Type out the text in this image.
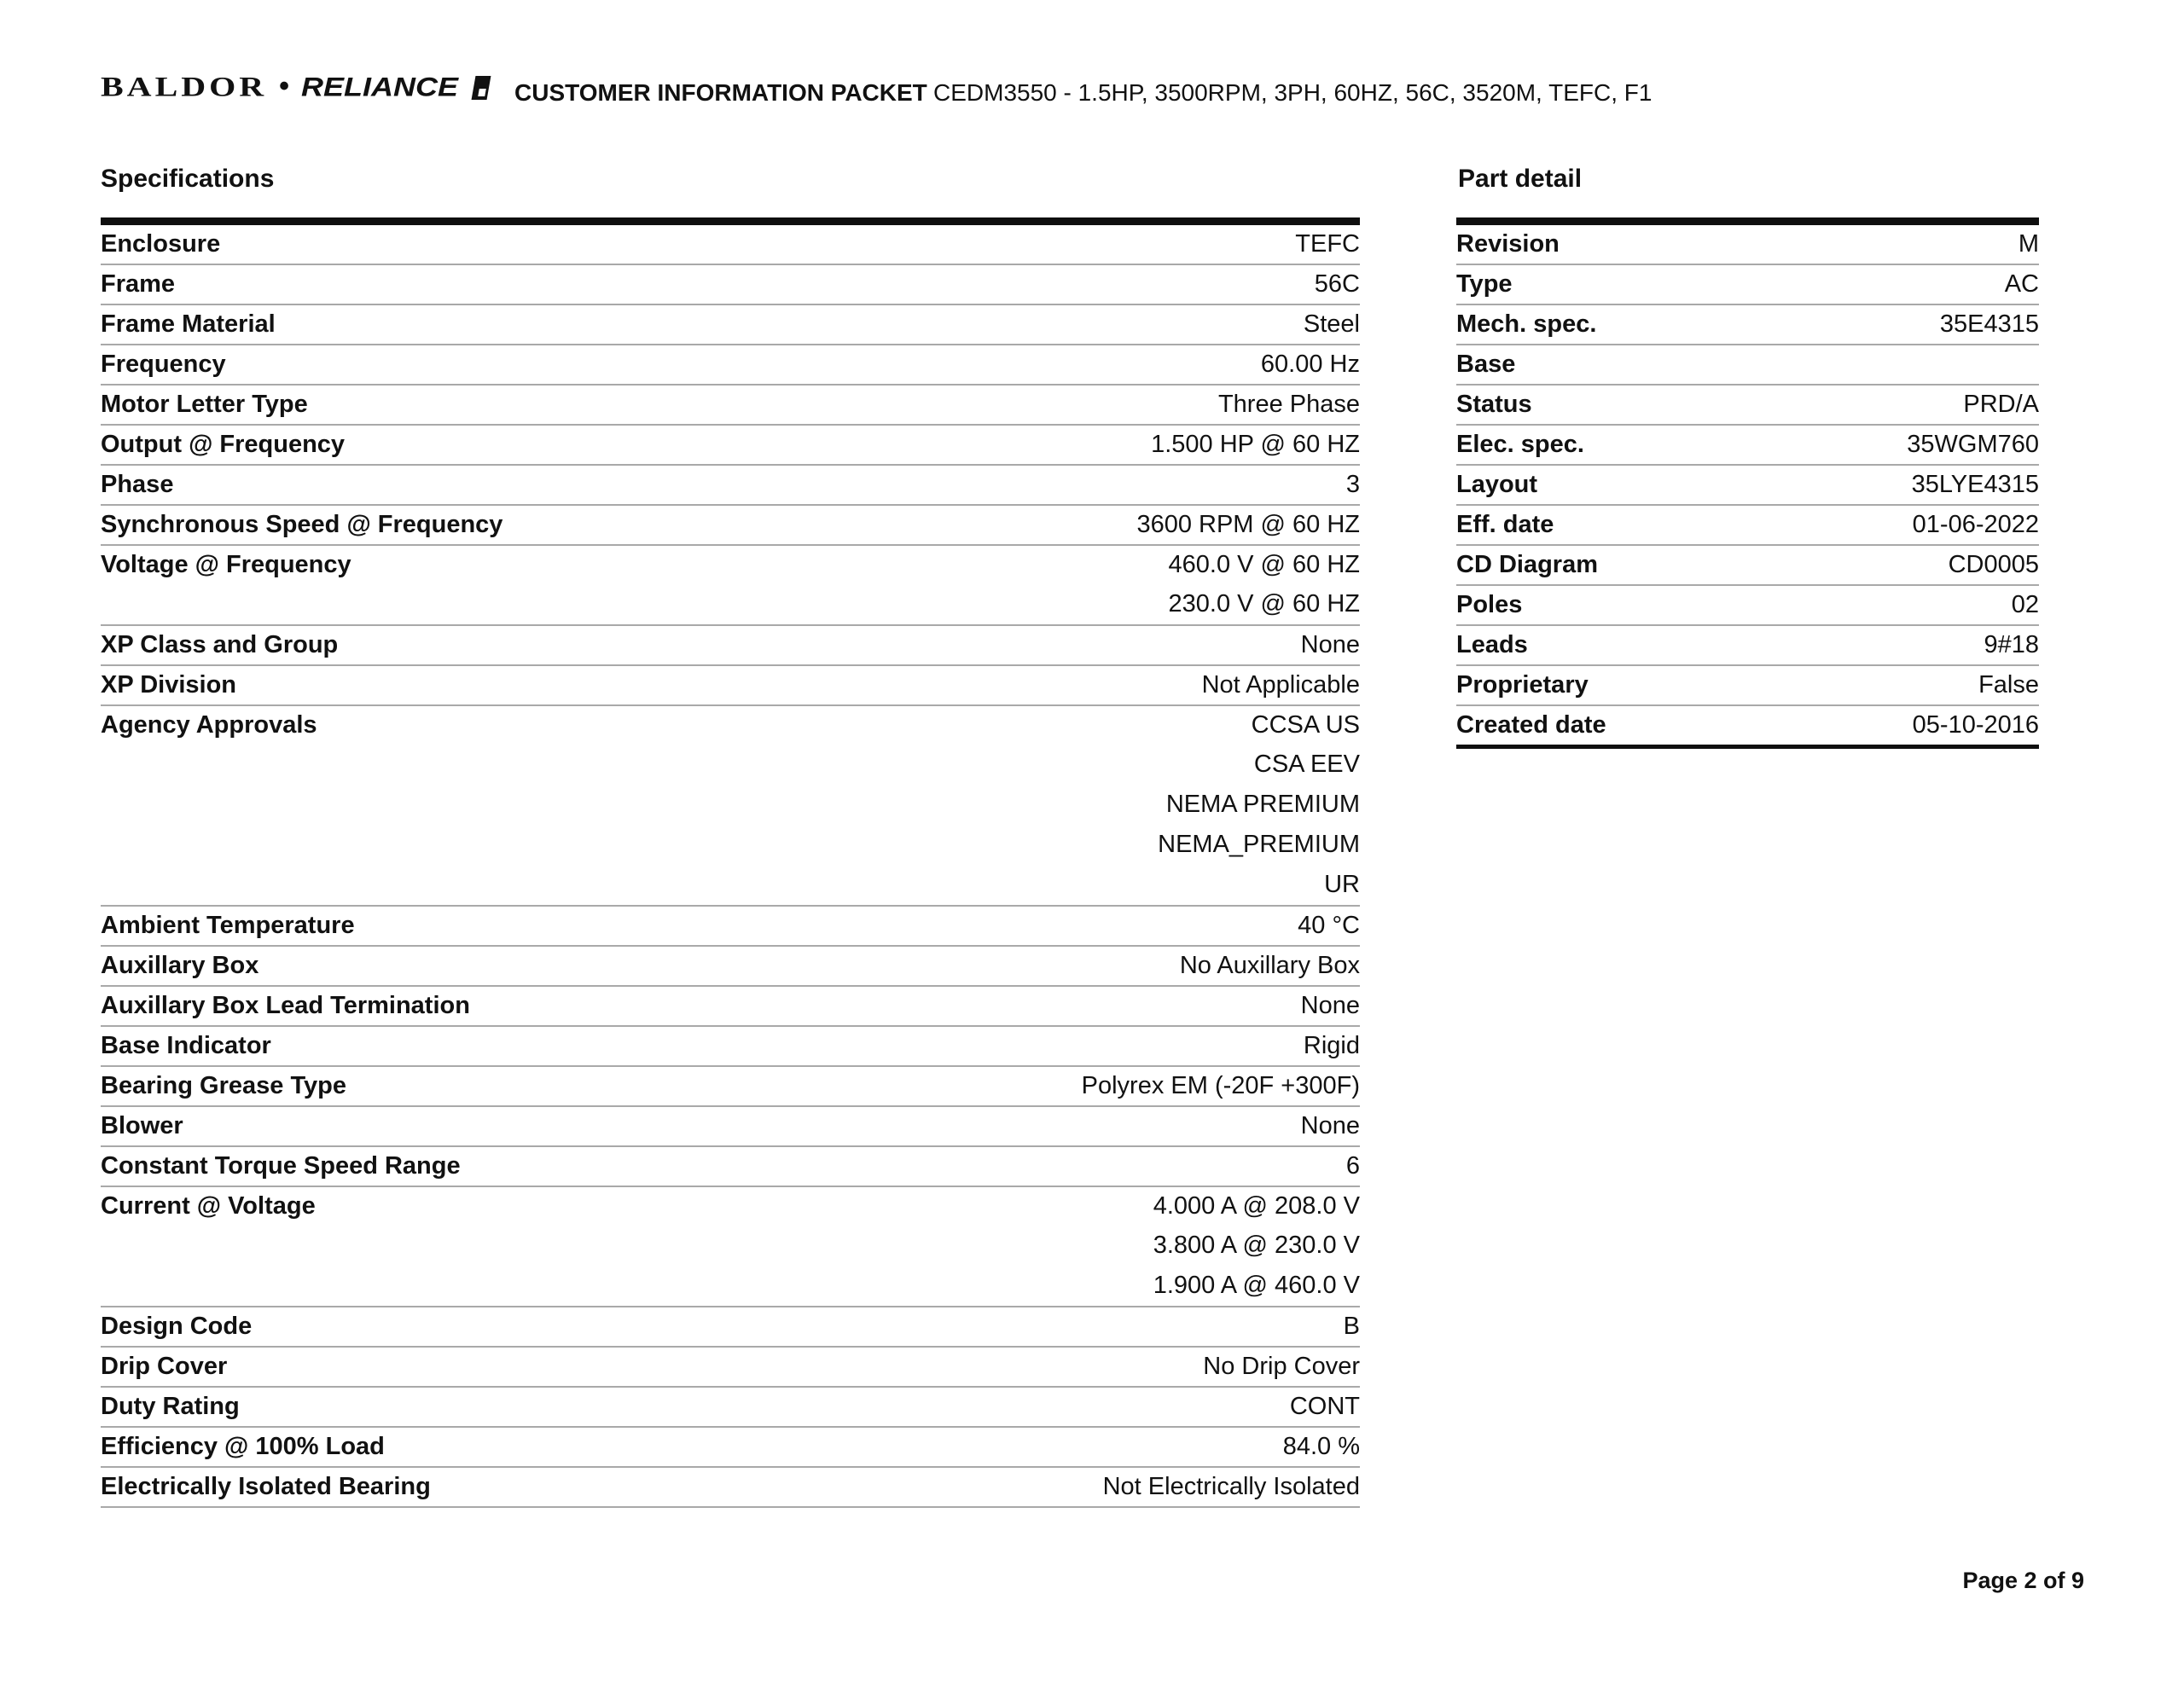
BALDOR • RELIANCE CUSTOMER INFORMATION PACKET CEDM3550 - 1.5HP, 3500RPM, 3PH, 60HZ, 56C, 3520M, TEFC, F1
Specifications	Part detail
Enclosure	TEFC
Frame	56C
Frame Material	Steel
Frequency	60.00 Hz
Motor Letter Type	Three Phase
Output @ Frequency	1.500 HP @ 60 HZ
Phase	3
Synchronous Speed @ Frequency	3600 RPM @ 60 HZ
Voltage @ Frequency	460.0 V @ 60 HZ
230.0 V @ 60 HZ
XP Class and Group	None
XP Division	Not Applicable
Agency Approvals	CCSA US
CSA EEV
NEMA PREMIUM
NEMA_PREMIUM
UR
Ambient Temperature	40 °C
Auxillary Box	No Auxillary Box
Auxillary Box Lead Termination	None
Base Indicator	Rigid
Bearing Grease Type	Polyrex EM (-20F +300F)
Blower	None
Constant Torque Speed Range	6
Current @ Voltage	4.000 A @ 208.0 V
3.800 A @ 230.0 V
1.900 A @ 460.0 V
Design Code	B
Drip Cover	No Drip Cover
Duty Rating	CONT
Efficiency @ 100% Load	84.0 %
Electrically Isolated Bearing	Not Electrically Isolated
Revision	M
Type	AC
Mech. spec.	35E4315
Base
Status	PRD/A
Elec. spec.	35WGM760
Layout	35LYE4315
Eff. date	01-06-2022
CD Diagram	CD0005
Poles	02
Leads	9#18
Proprietary	False
Created date	05-10-2016
Page 2 of 9
